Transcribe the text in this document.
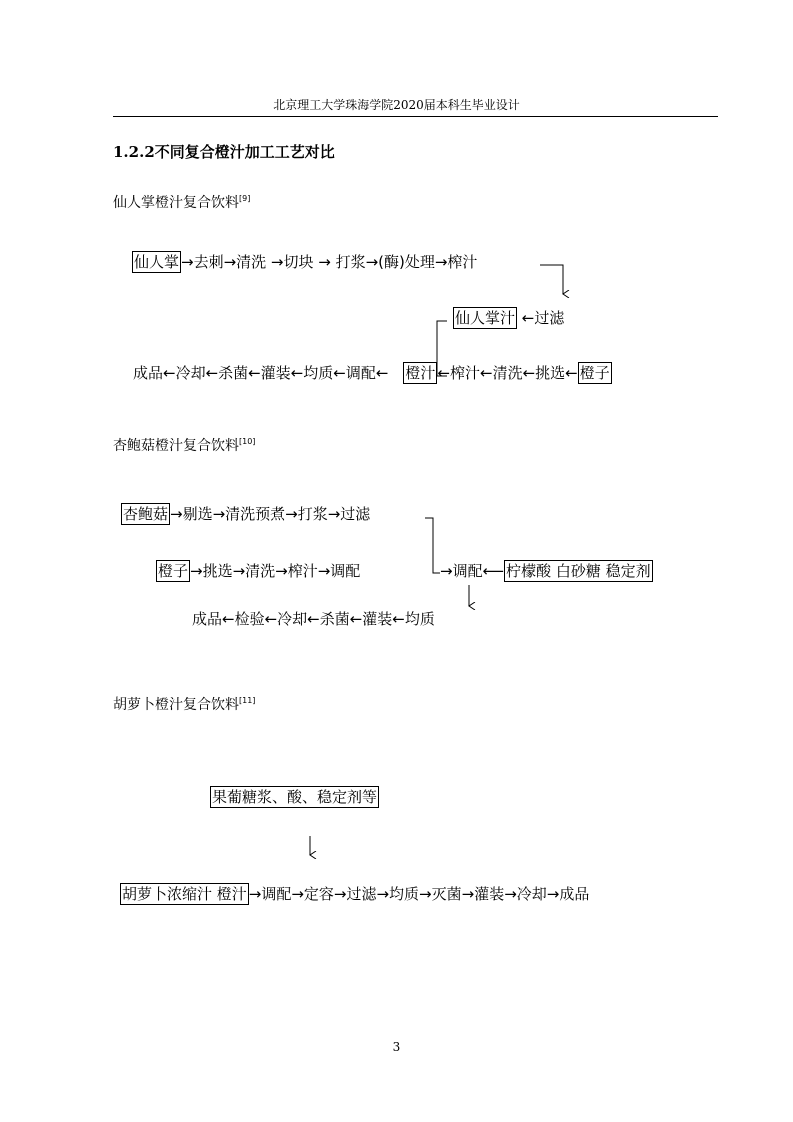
北京理工大学珠海学院2020届本科生毕业设计
1.2.2不同复合橙汁加工工艺对比
仙人掌橙汁复合饮料[9]
仙人掌 →去刺→清洗 →切块 → 打浆→(酶)处理→榨汁
仙人掌汁 ←过滤
成品←冷却←杀菌←灌装←均质←调配← 橙汁 ←榨汁←清洗←挑选← 橙子
杏鲍菇橙汁复合饮料[10]
杏鲍菇 →剔选→清洗预煮→打浆→过滤
橙子 →挑选→清洗→榨汁→调配	→调配⟵ 柠檬酸 白砂糖 稳定剂
成品←检验←冷却←杀菌←灌装←均质
胡萝卜橙汁复合饮料[11]
果葡糖浆、酸、稳定剂等
胡萝卜浓缩汁 橙汁 →调配→定容→过滤→均质→灭菌→灌装→冷却→成品
3
